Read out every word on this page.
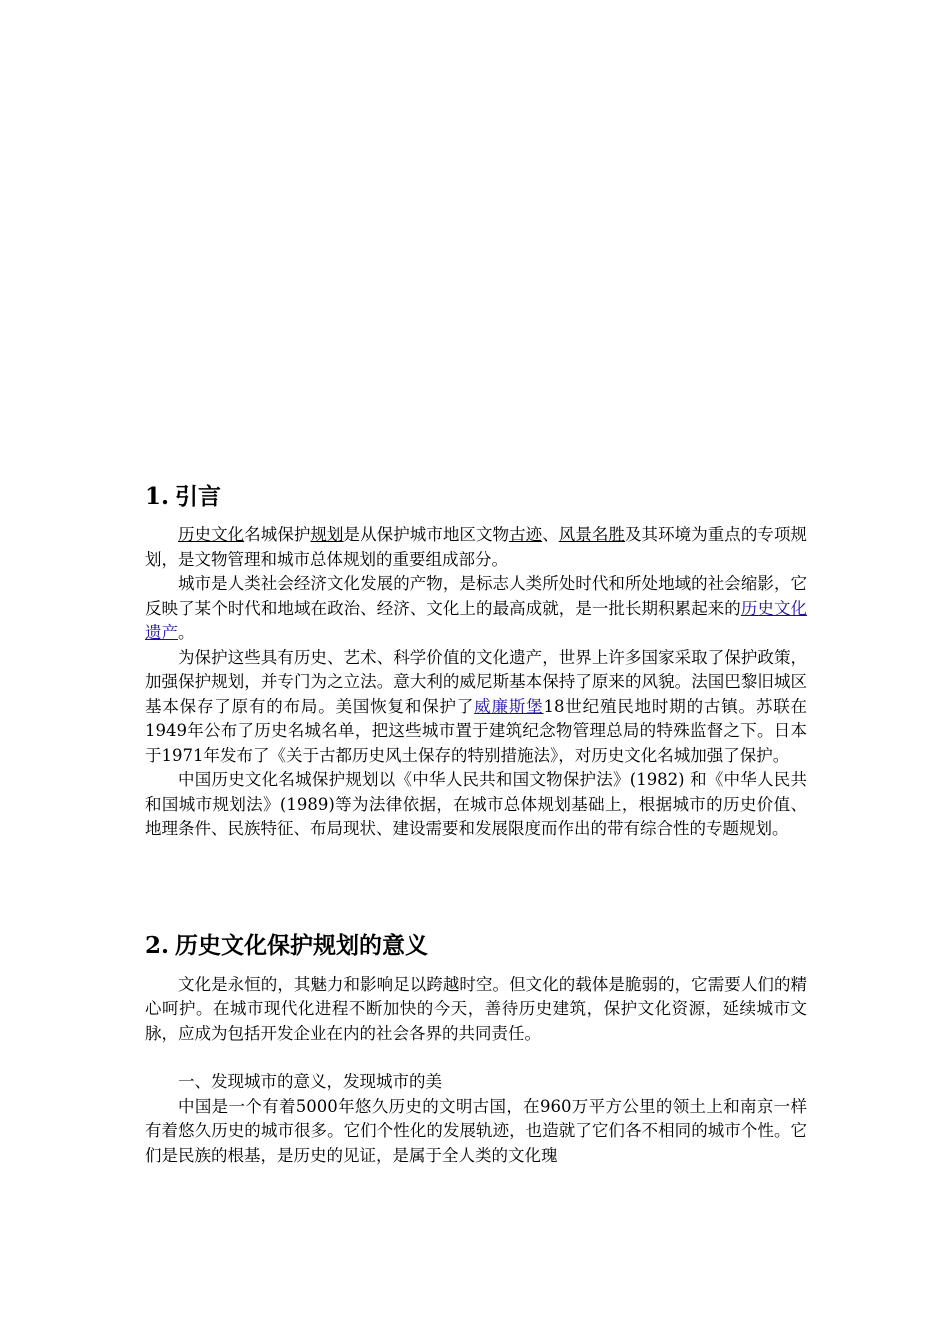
1. 引言

历史文化名城保护规划是从保护城市地区文物古迹、风景名胜及其环境为重点的专项规划，是文物管理和城市总体规划的重要组成部分。

城市是人类社会经济文化发展的产物，是标志人类所处时代和所处地域的社会缩影，它反映了某个时代和地域在政治、经济、文化上的最高成就，是一批长期积累起来的历史文化遗产。

为保护这些具有历史、艺术、科学价值的文化遗产，世界上许多国家采取了保护政策，加强保护规划，并专门为之立法。意大利的威尼斯基本保持了原来的风貌。法国巴黎旧城区基本保存了原有的布局。美国恢复和保护了威廉斯堡18世纪殖民地时期的古镇。苏联在1949年公布了历史名城名单，把这些城市置于建筑纪念物管理总局的特殊监督之下。日本于1971年发布了《关于古都历史风土保存的特别措施法》，对历史文化名城加强了保护。

中国历史文化名城保护规划以《中华人民共和国文物保护法》(1982) 和《中华人民共和国城市规划法》(1989)等为法律依据，在城市总体规划基础上，根据城市的历史价值、地理条件、民族特征、布局现状、建设需要和发展限度而作出的带有综合性的专题规划。

2. 历史文化保护规划的意义

文化是永恒的，其魅力和影响足以跨越时空。但文化的载体是脆弱的，它需要人们的精心呵护。在城市现代化进程不断加快的今天，善待历史建筑，保护文化资源，延续城市文脉，应成为包括开发企业在内的社会各界的共同责任。

一、发现城市的意义，发现城市的美

中国是一个有着5000年悠久历史的文明古国，在960万平方公里的领土上和南京一样有着悠久历史的城市很多。它们个性化的发展轨迹，也造就了它们各不相同的城市个性。它们是民族的根基，是历史的见证，是属于全人类的文化瑰
